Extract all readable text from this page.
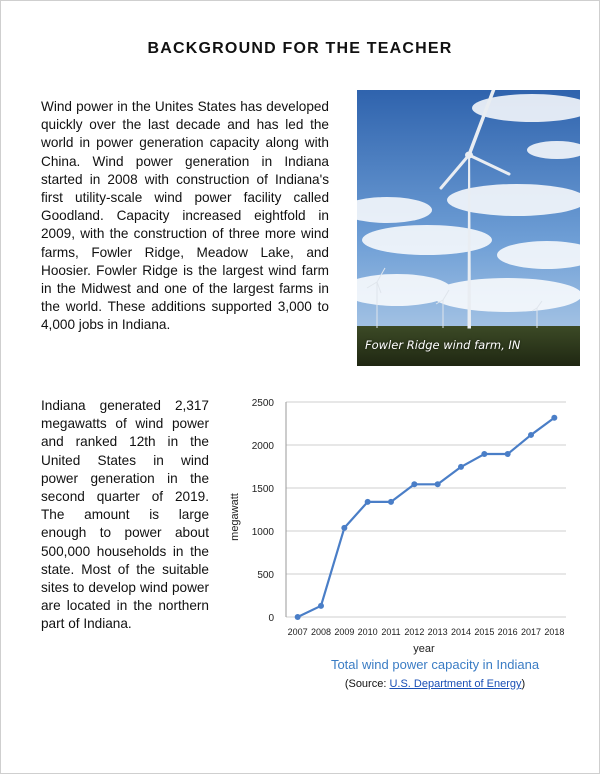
BACKGROUND FOR THE TEACHER

Wind power in the Unites States has developed quickly over the last decade and has led the world in power generation capacity along with China. Wind power generation in Indiana started in 2008 with construction of Indiana's first utility-scale wind power facility called Goodland. Capacity increased eightfold in 2009, with the construction of three more wind farms, Fowler Ridge, Meadow Lake, and Hoosier. Fowler Ridge is the largest wind farm in the Midwest and one of the largest farms in the world. These additions supported 3,000 to 4,000 jobs in Indiana.

Fowler Ridge wind farm, IN

Indiana generated 2,317 megawatts of wind power and ranked 12th in the United States in wind power generation in the second quarter of 2019. The amount is large enough to power about 500,000 households in the state. Most of the suitable sites to develop wind power are located in the northern part of Indiana.	0
500
1000
1500
2000
2500
2007 2008 2009 2010 2011 2012 2013 2014 2015 2016 2017 2018
megawatt
year
Total wind power capacity in Indiana
(Source: U.S. Department of Energy)
